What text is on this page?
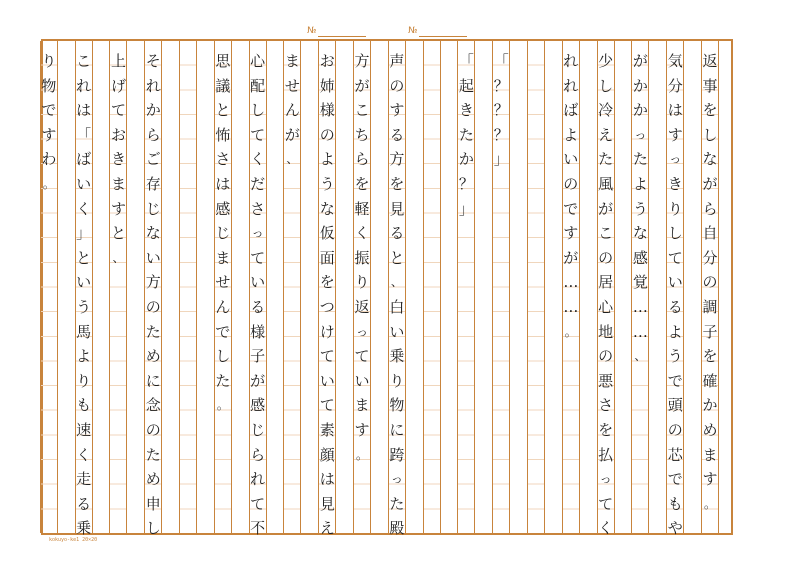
№	№
返
事
を
し
な
が
ら
自
分
の
調
子
を
確
か
め
ま
す
。
気
分
は
す
っ
き
り
し
て
い
る
よ
う
で
頭
の
芯
で
も
や
が
か
か
っ
た
よ
う
な
感
覚
…
…
、
少
し
冷
え
た
風
が
こ
の
居
心
地
の
悪
さ
を
払
っ
て
く
れ
れ
ば
よ
い
の
で
す
が
…
…
。
「
？
？
？
」
「
起
き
た
か
？
」
声
の
す
る
方
を
見
る
と
、
白
い
乗
り
物
に
跨
っ
た
殿
方
が
こ
ち
ら
を
軽
く
振
り
返
っ
て
い
ま
す
。
お
姉
様
の
よ
う
な
仮
面
を
つ
け
て
い
て
素
顔
は
見
え
ま
せ
ん
が
、
心
配
し
て
く
だ
さ
っ
て
い
る
様
子
が
感
じ
ら
れ
て
不
思
議
と
怖
さ
は
感
じ
ま
せ
ん
で
し
た
。
そ
れ
か
ら
ご
存
じ
な
い
方
の
た
め
に
念
の
た
め
申
し
上
げ
て
お
き
ま
す
と
、
こ
れ
は
「
ば
い
く
」
と
い
う
馬
よ
り
も
速
く
走
る
乗
り
物
で
す
わ
。
kokuyo-ke1 20×20
